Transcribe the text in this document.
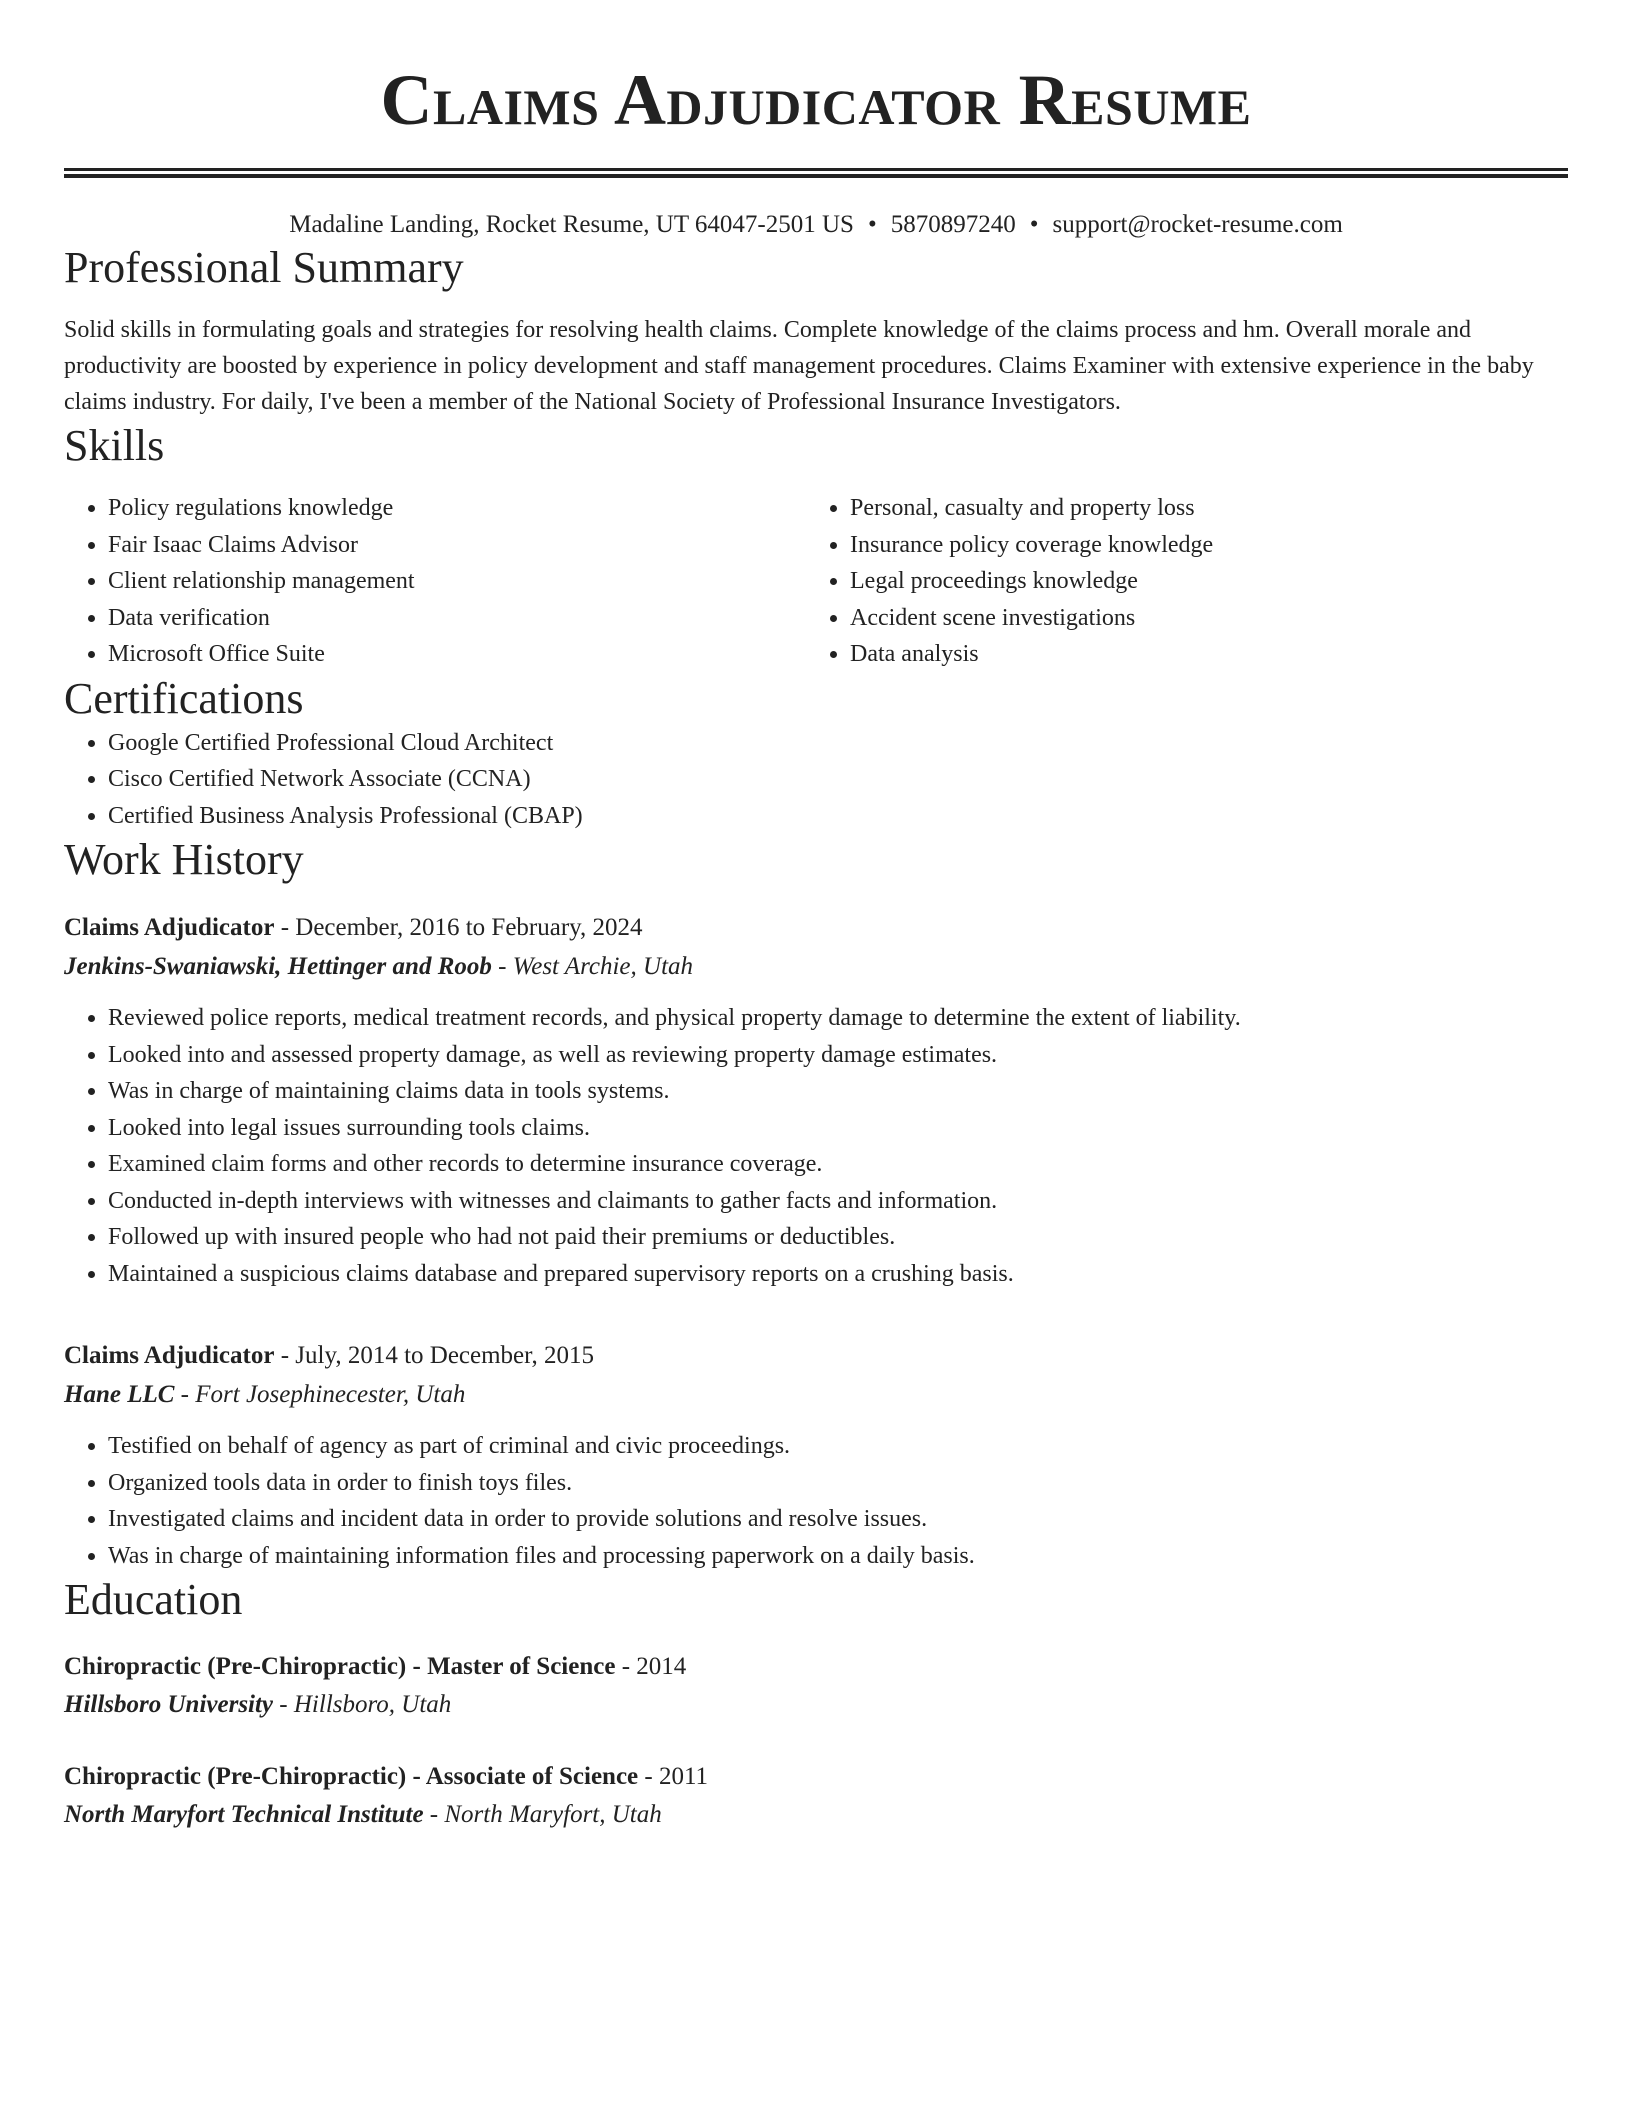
Claims Adjudicator Resume
Madaline Landing, Rocket Resume, UT 64047-2501 US • 5870897240 • support@rocket-resume.com
Professional Summary

Solid skills in formulating goals and strategies for resolving health claims. Complete knowledge of the claims process and hm. Overall morale and productivity are boosted by experience in policy development and staff management procedures. Claims Examiner with extensive experience in the baby claims industry. For daily, I've been a member of the National Society of Professional Insurance Investigators.

Skills
• Policy regulations knowledge
• Fair Isaac Claims Advisor
• Client relationship management
• Data verification
• Microsoft Office Suite
• Personal, casualty and property loss
• Insurance policy coverage knowledge
• Legal proceedings knowledge
• Accident scene investigations
• Data analysis
Certifications
• Google Certified Professional Cloud Architect
• Cisco Certified Network Associate (CCNA)
• Certified Business Analysis Professional (CBAP)
Work History
Claims Adjudicator - December, 2016 to February, 2024
Jenkins-Swaniawski, Hettinger and Roob - West Archie, Utah
• Reviewed police reports, medical treatment records, and physical property damage to determine the extent of liability.
• Looked into and assessed property damage, as well as reviewing property damage estimates.
• Was in charge of maintaining claims data in tools systems.
• Looked into legal issues surrounding tools claims.
• Examined claim forms and other records to determine insurance coverage.
• Conducted in-depth interviews with witnesses and claimants to gather facts and information.
• Followed up with insured people who had not paid their premiums or deductibles.
• Maintained a suspicious claims database and prepared supervisory reports on a crushing basis.
Claims Adjudicator - July, 2014 to December, 2015
Hane LLC - Fort Josephinecester, Utah
• Testified on behalf of agency as part of criminal and civic proceedings.
• Organized tools data in order to finish toys files.
• Investigated claims and incident data in order to provide solutions and resolve issues.
• Was in charge of maintaining information files and processing paperwork on a daily basis.
Education
Chiropractic (Pre-Chiropractic) - Master of Science - 2014
Hillsboro University - Hillsboro, Utah
Chiropractic (Pre-Chiropractic) - Associate of Science - 2011
North Maryfort Technical Institute - North Maryfort, Utah
